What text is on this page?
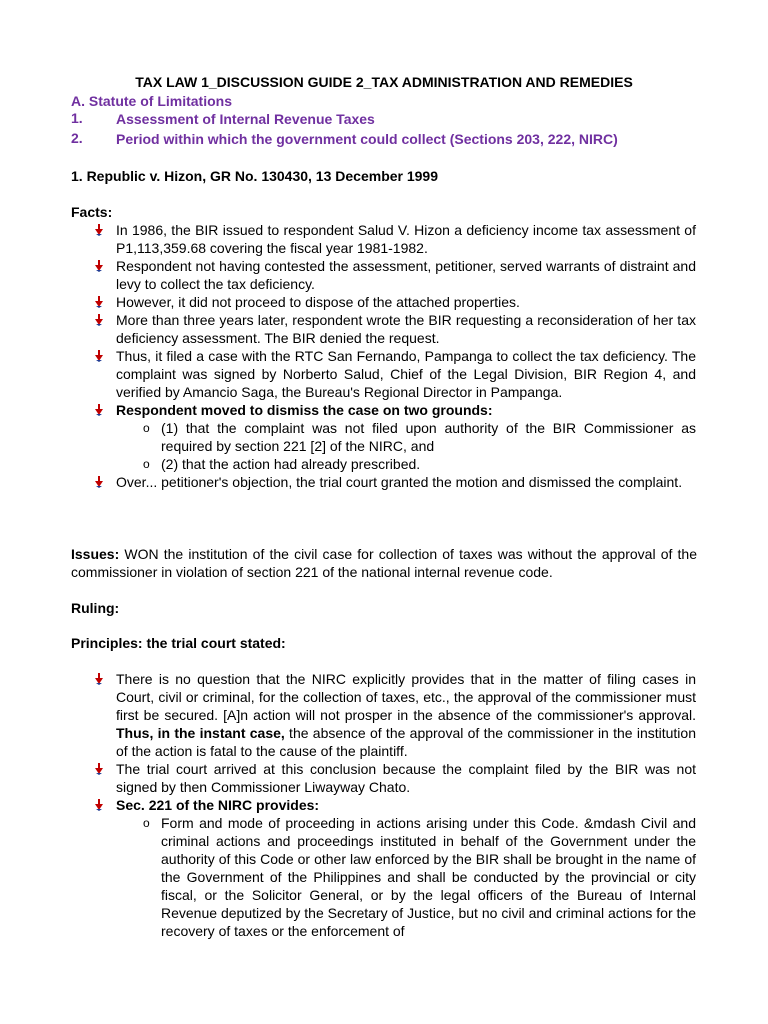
TAX LAW 1_DISCUSSION GUIDE 2_TAX ADMINISTRATION AND REMEDIES
A. Statute of Limitations
1. Assessment of Internal Revenue Taxes
2. Period within which the government could collect (Sections 203, 222, NIRC)
1. Republic v. Hizon, GR No. 130430, 13 December 1999
Facts:
In 1986, the BIR issued to respondent Salud V. Hizon a deficiency income tax assessment of P1,113,359.68 covering the fiscal year 1981-1982.
Respondent not having contested the assessment, petitioner, served warrants of distraint and levy to collect the tax deficiency.
However, it did not proceed to dispose of the attached properties.
More than three years later, respondent wrote the BIR requesting a reconsideration of her tax deficiency assessment. The BIR denied the request.
Thus, it filed a case with the RTC San Fernando, Pampanga to collect the tax deficiency. The complaint was signed by Norberto Salud, Chief of the Legal Division, BIR Region 4, and verified by Amancio Saga, the Bureau's Regional Director in Pampanga.
Respondent moved to dismiss the case on two grounds:
o (1) that the complaint was not filed upon authority of the BIR Commissioner as required by section 221 [2] of the NIRC, and
o (2) that the action had already prescribed.
Over... petitioner's objection, the trial court granted the motion and dismissed the complaint.
Issues: WON the institution of the civil case for collection of taxes was without the approval of the commissioner in violation of section 221 of the national internal revenue code.
Ruling:
Principles: the trial court stated:
There is no question that the NIRC explicitly provides that in the matter of filing cases in Court, civil or criminal, for the collection of taxes, etc., the approval of the commissioner must first be secured. [A]n action will not prosper in the absence of the commissioner's approval. Thus, in the instant case, the absence of the approval of the commissioner in the institution of the action is fatal to the cause of the plaintiff.
The trial court arrived at this conclusion because the complaint filed by the BIR was not signed by then Commissioner Liwayway Chato.
Sec. 221 of the NIRC provides:
o Form and mode of proceeding in actions arising under this Code. &mdash Civil and criminal actions and proceedings instituted in behalf of the Government under the authority of this Code or other law enforced by the BIR shall be brought in the name of the Government of the Philippines and shall be conducted by the provincial or city fiscal, or the Solicitor General, or by the legal officers of the Bureau of Internal Revenue deputized by the Secretary of Justice, but no civil and criminal actions for the recovery of taxes or the enforcement of
